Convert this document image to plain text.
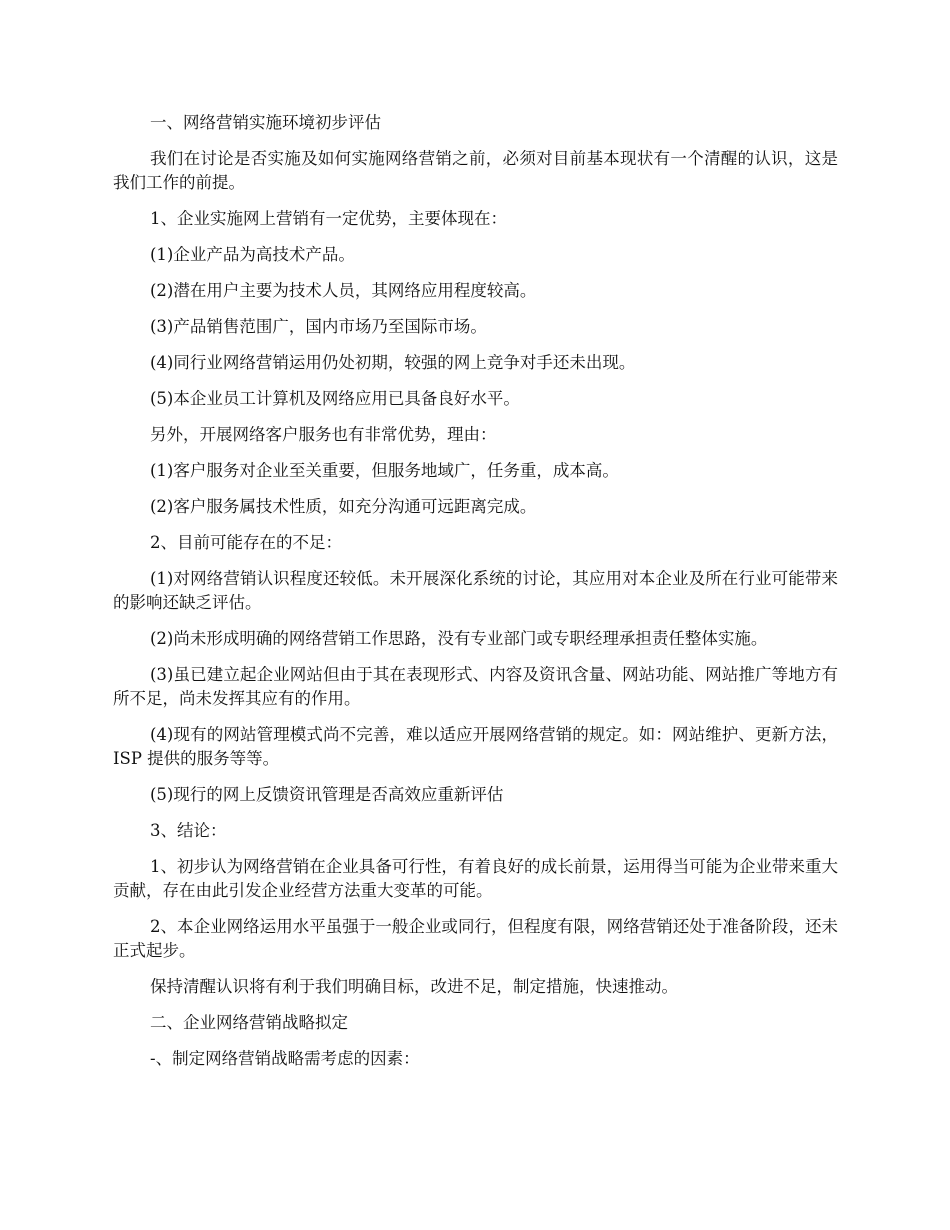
一、网络营销实施环境初步评估

我们在讨论是否实施及如何实施网络营销之前，必须对目前基本现状有一个清醒的认识，这是我们工作的前提。

1、企业实施网上营销有一定优势，主要体现在：

(1)企业产品为高技术产品。

(2)潜在用户主要为技术人员，其网络应用程度较高。

(3)产品销售范围广，国内市场乃至国际市场。

(4)同行业网络营销运用仍处初期，较强的网上竞争对手还未出现。

(5)本企业员工计算机及网络应用已具备良好水平。

另外，开展网络客户服务也有非常优势，理由：

(1)客户服务对企业至关重要，但服务地域广，任务重，成本高。

(2)客户服务属技术性质，如充分沟通可远距离完成。

2、目前可能存在的不足：

(1)对网络营销认识程度还较低。未开展深化系统的讨论，其应用对本企业及所在行业可能带来的影响还缺乏评估。

(2)尚未形成明确的网络营销工作思路，没有专业部门或专职经理承担责任整体实施。

(3)虽已建立起企业网站但由于其在表现形式、内容及资讯含量、网站功能、网站推广等地方有所不足，尚未发挥其应有的作用。

(4)现有的网站管理模式尚不完善，难以适应开展网络营销的规定。如：网站维护、更新方法，ISP 提供的服务等等。

(5)现行的网上反馈资讯管理是否高效应重新评估

3、结论：

1、初步认为网络营销在企业具备可行性，有着良好的成长前景，运用得当可能为企业带来重大贡献，存在由此引发企业经营方法重大变革的可能。

2、本企业网络运用水平虽强于一般企业或同行，但程度有限，网络营销还处于准备阶段，还未正式起步。

保持清醒认识将有利于我们明确目标，改进不足，制定措施，快速推动。

二、企业网络营销战略拟定

-、制定网络营销战略需考虑的因素：
